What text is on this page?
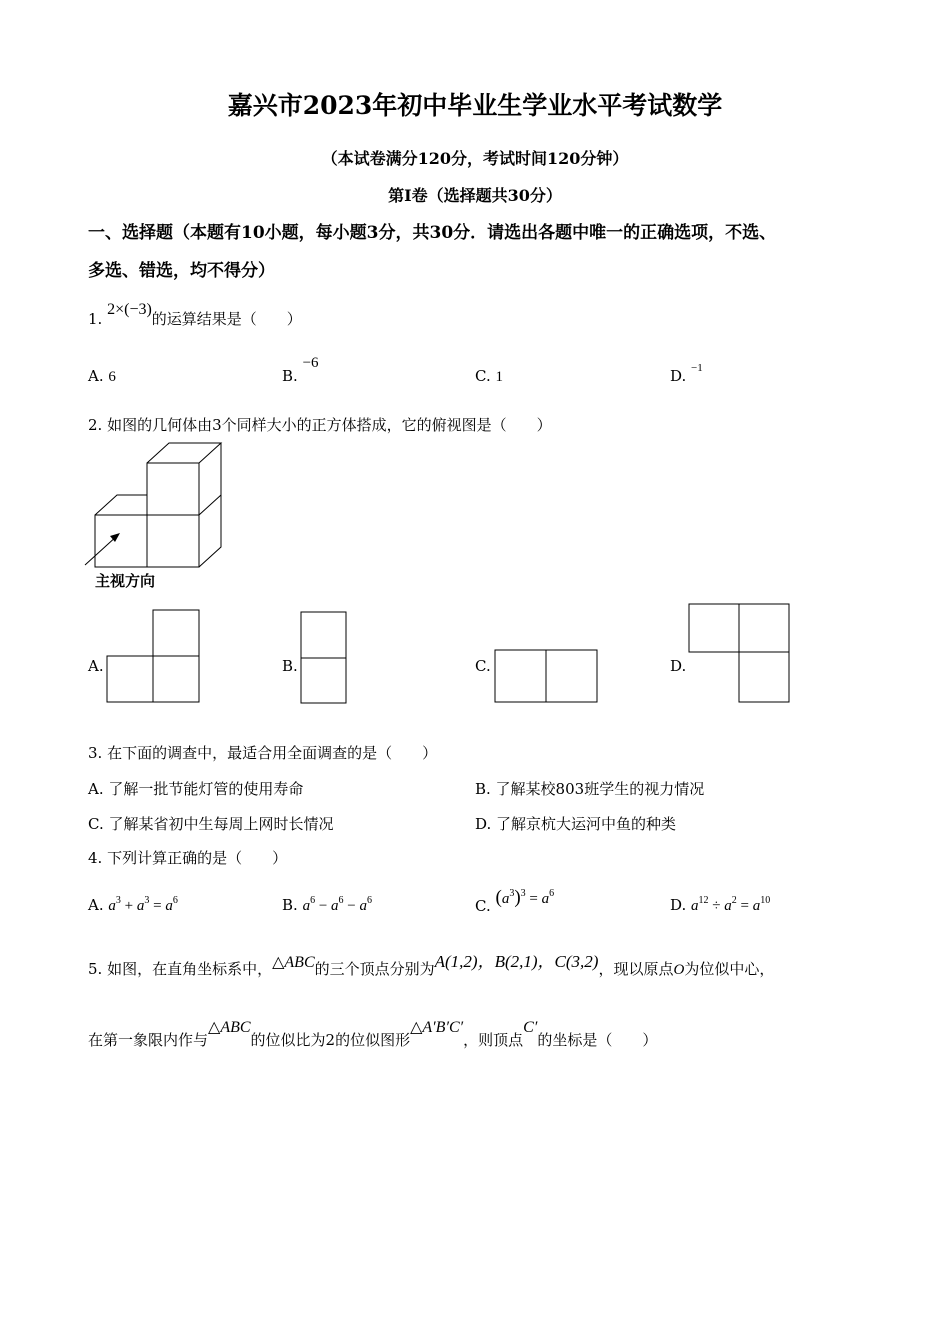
嘉兴市2023年初中毕业生学业水平考试数学
（本试卷满分120分，考试时间120分钟）
第I卷（选择题共30分）
一、选择题（本题有10小题，每小题3分，共30分．请选出各题中唯一的正确选项，不选、
多选、错选，均不得分）
1. 2×(−3)的运算结果是（　　）
A. 6	B. −6
C. 1	D. $^{-1}$
2. 如图的几何体由3个同样大小的正方体搭成，它的俯视图是（　　）
主视方向
A.	B.	C.	D.
3. 在下面的调查中，最适合用全面调查的是（　　）
A. 了解一批节能灯管的使用寿命	B. 了解某校803班学生的视力情况
C. 了解某省初中生每周上网时长情况	D. 了解京杭大运河中鱼的种类
4. 下列计算正确的是（　　）
A. $a^3 + a^3 = a^6$	B. $a^6 - a^6 - a^6$	C. $(a^3)^3 = a^6$
D. $a^{12} \div a^2 = a^{10}$
5. 如图，在直角坐标系中，△ABC的三个顶点分别为A(1,2)，B(2,1)，C(3,2)，现以原点O为位似中心，
在第一象限内作与△ABC的位似比为2的位似图形△A′B′C′，则顶点C′的坐标是（　　）
